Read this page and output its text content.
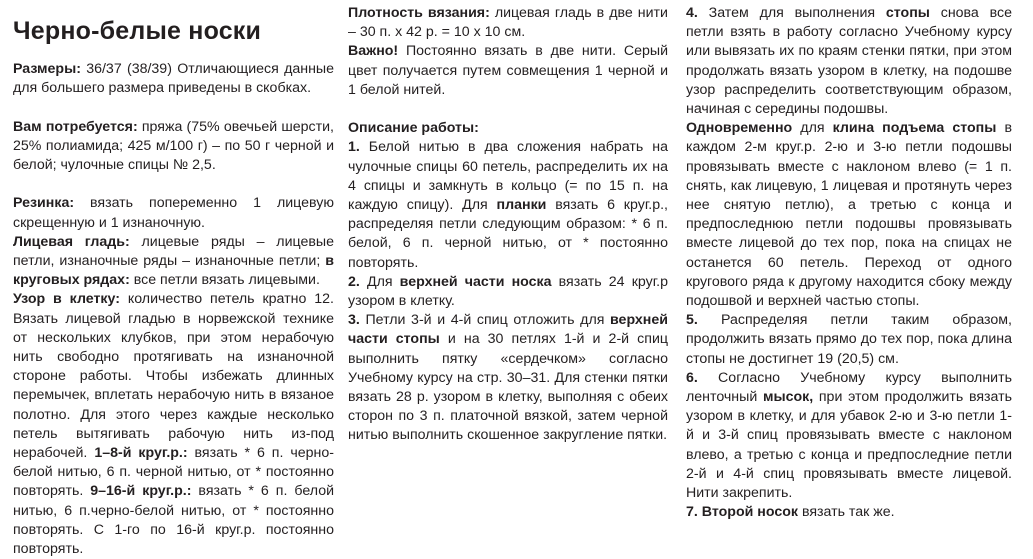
Черно-белые носки

Размеры: 36/37 (38/39) Отличающиеся данные для большего размера приведены в скобках.

Вам потребуется: пряжа (75% овечьей шерсти, 25% полиамида; 425 м/100 г) – по 50 г черной и белой; чулочные спицы № 2,5.

Резинка: вязать попеременно 1 лицевую скрещенную и 1 изнаночную.

Лицевая гладь: лицевые ряды – лицевые петли, изнаночные ряды – изнаночные петли; в круговых рядах: все петли вязать лицевыми.

Узор в клетку: количество петель кратно 12. Вязать лицевой гладью в норвежской технике от нескольких клубков, при этом нерабочую нить свободно протягивать на изнаночной стороне работы. Чтобы избежать длинных перемычек, вплетать нерабочую нить в вязаное полотно. Для этого через каждые несколько петель вытягивать рабочую нить из-под нерабочей. 1–8-й круг.р.: вязать * 6 п. черно-белой нитью, 6 п. черной нитью, от * постоянно повторять. 9–16-й круг.р.: вязать * 6 п. белой нитью, 6 п.черно-белой нитью, от * постоянно повторять. С 1-го по 16-й круг.р. постоянно повторять.

Плотность вязания: лицевая гладь в две нити – 30 п. х 42 р. = 10 х 10 см.

Важно! Постоянно вязать в две нити. Серый цвет получается путем совмещения 1 черной и 1 белой нитей.

Описание работы:

1. Белой нитью в два сложения набрать на чулочные спицы 60 петель, распределить их на 4 спицы и замкнуть в кольцо (= по 15 п. на каждую спицу). Для планки вязать 6 круг.р., распределяя петли следующим образом: * 6 п. белой, 6 п. черной нитью, от * постоянно повторять.

2. Для верхней части носка вязать 24 круг.р узором в клетку.

3. Петли 3-й и 4-й спиц отложить для верхней части стопы и на 30 петлях 1-й и 2-й спиц выполнить пятку «сердечком» согласно Учебному курсу на стр. 30–31. Для стенки пятки вязать 28 р. узором в клетку, выполняя с обеих сторон по 3 п. платочной вязкой, затем черной нитью выполнить скошенное закругление пятки.

4. Затем для выполнения стопы снова все петли взять в работу согласно Учебному курсу или вывязать их по краям стенки пятки, при этом продолжать вязать узором в клетку, на подошве узор распределить соответствующим образом, начиная с середины подошвы.

Одновременно для клина подъема стопы в каждом 2-м круг.р. 2-ю и 3-ю петли подошвы провязывать вместе с наклоном влево (= 1 п. снять, как лицевую, 1 лицевая и протянуть через нее снятую петлю), а третью с конца и предпоследнюю петли подошвы провязывать вместе лицевой до тех пор, пока на спицах не останется 60 петель. Переход от одного кругового ряда к другому находится сбоку между подошвой и верхней частью стопы.

5. Распределяя петли таким образом, продолжить вязать прямо до тех пор, пока длина стопы не достигнет 19 (20,5) см.

6. Согласно Учебному курсу выполнить ленточный мысок, при этом продолжить вязать узором в клетку, и для убавок 2-ю и 3-ю петли 1-й и 3-й спиц провязывать вместе с наклоном влево, а третью с конца и предпоследние петли 2-й и 4-й спиц провязывать вместе лицевой. Нити закрепить.

7. Второй носок вязать так же.
